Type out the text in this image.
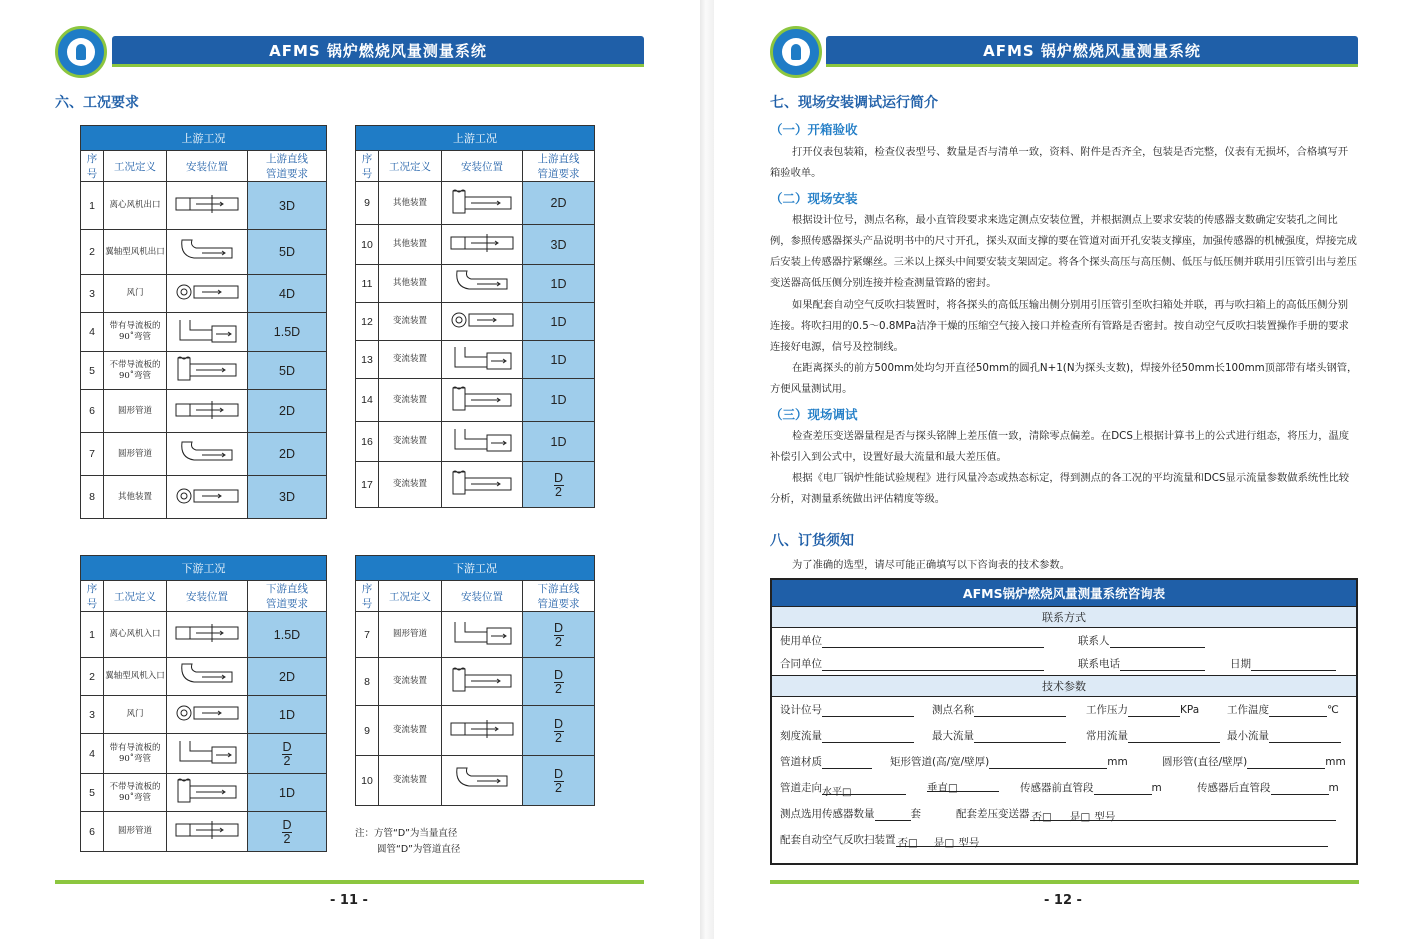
AFMS 锅炉燃烧风量测量系统
六、工况要求
上游工况			
序
号	工况定义	安装位置	上游直线
管道要求
1	离心风机出口		3D
2	翼轴型风机出口		5D
3	风门		4D
4	带有导流板的90˚弯管		1.5D
5	不带导流板的90˚弯管		5D
6	圆形管道		2D
7	圆形管道		2D
8	其他装置		3D
上游工况			
序
号	工况定义	安装位置	上游直线
管道要求
9	其他装置		2D
10	其他装置		3D
11	其他装置		1D
12	变流装置		1D
13	变流装置		1D
14	变流装置		1D
16	变流装置		1D
17	变流装置		$\frac{D}{2}$
下游工况			
序
号	工况定义	安装位置	下游直线
管道要求
1	离心风机入口		1.5D
2	翼轴型风机入口		2D
3	风门		1D
4	带有导流板的90˚弯管		$\frac{D}{2}$

5	不带导流板的90˚弯管		1D
6	圆形管道		$\frac{D}{2}$
下游工况			
序
号	工况定义	安装位置	下游直线
管道要求
7	圆形管道		$\frac{D}{2}$

8	变流装置		$\frac{D}{2}$

9	变流装置		$\frac{D}{2}$

10	变流装置		$\frac{D}{2}$
注：方管“D”为当量直径
圆管“D”为管道直径
- 11 -
AFMS 锅炉燃烧风量测量系统
- 12 -
七、现场安装调试运行简介
（一）开箱验收
打开仪表包装箱，检查仪表型号、数量是否与清单一致，资料、附件是否齐全，包装是否完整，仪表有无损坏，合格填写开箱验收单。
（二）现场安装
根据设计位号，测点名称，最小直管段要求来选定测点安装位置，并根据测点上要求安装的传感器支数确定安装孔之间比例，参照传感器探头产品说明书中的尺寸开孔，探头双面支撑的要在管道对面开孔安装支撑座，加强传感器的机械强度，焊接完成后安装上传感器拧紧螺丝。三米以上探头中间要安装支架固定。将各个探头高压与高压侧、低压与低压侧并联用引压管引出与差压变送器高低压侧分别连接并检查测量管路的密封。
如果配套自动空气反吹扫装置时，将各探头的高低压输出侧分别用引压管引至吹扫箱处并联，再与吹扫箱上的高低压侧分别连接。将吹扫用的0.5～0.8MPa洁净干燥的压缩空气接入接口并检查所有管路是否密封。按自动空气反吹扫装置操作手册的要求连接好电源，信号及控制线。
在距离探头的前方500mm处均匀开直径50mm的圆孔N+1(N为探头支数)，焊接外径50mm长100mm顶部带有堵头钢管，方便风量测试用。
（三）现场调试
检查差压变送器量程是否与探头铭牌上差压值一致，清除零点偏差。在DCS上根据计算书上的公式进行组态，将压力，温度补偿引入到公式中，设置好最大流量和最大差压值。
根据《电厂锅炉性能试验规程》进行风量冷态或热态标定，得到测点的各工况的平均流量和DCS显示流量参数做系统性比较分析，对测量系统做出评估精度等级。
八、订货须知
为了准确的选型，请尽可能正确填写以下咨询表的技术参数。
AFMS锅炉燃烧风量测量系统咨询表
联系方式
使用单位	联系人
合同单位	联系电话	日期
技术参数
设计位号	测点名称	工作压力	KPa	工作温度	℃
刻度流量	最大流量	常用流量	最小流量
管道材质	矩形管道(高/宽/壁厚)	mm	圆形管(直径/壁厚)	mm
管道走向水平□	垂直□	传感器前直管段	m	传感器后直管段	m
测点选用传感器数量	套	配套差压变送器 否□ 是□ 型号
配套自动空气反吹扫装置 否□ 是□ 型号
